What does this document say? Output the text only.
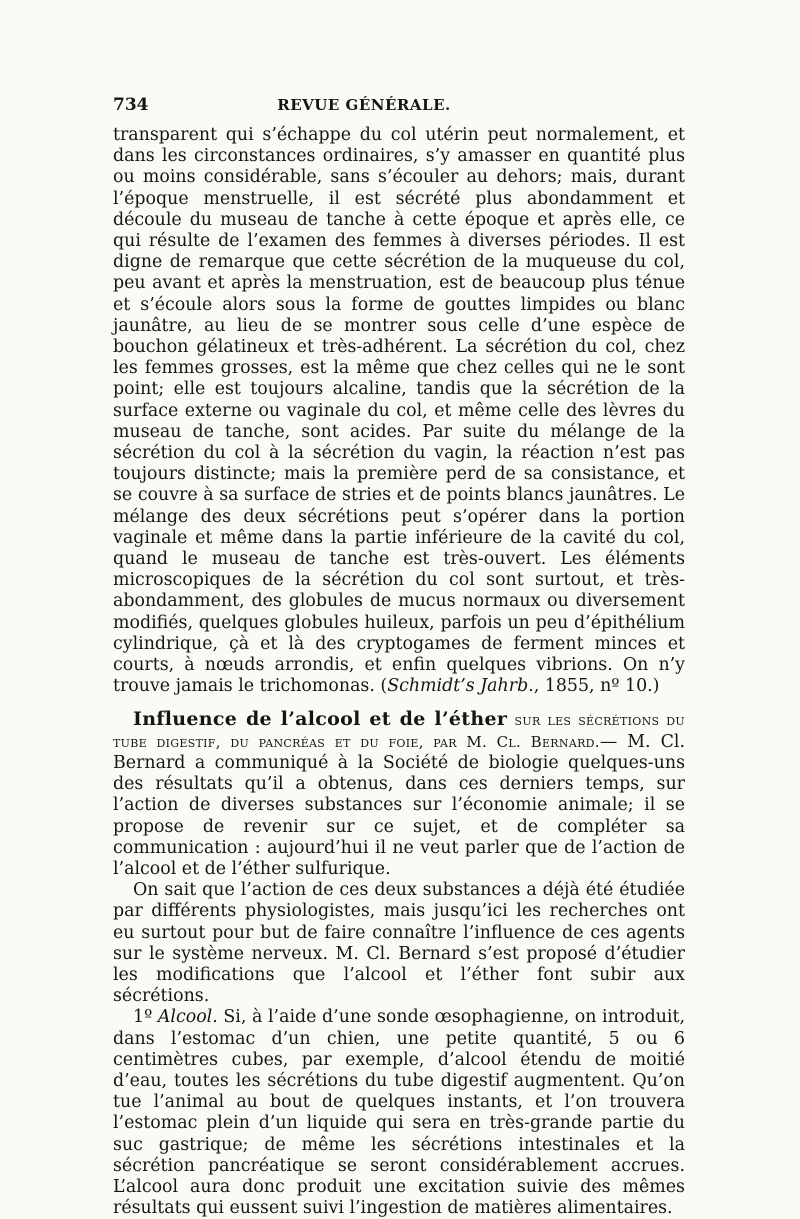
734	REVUE GÉNÉRALE.

transparent qui s’échappe du col utérin peut normalement, et dans les circonstances ordinaires, s’y amasser en quantité plus ou moins considérable, sans s’écouler au dehors; mais, durant l’époque menstruelle, il est sécrété plus abondamment et découle du museau de tanche à cette époque et après elle, ce qui résulte de l’examen des femmes à diverses périodes. Il est digne de remarque que cette sécrétion de la muqueuse du col, peu avant et après la menstruation, est de beaucoup plus ténue et s’écoule alors sous la forme de gouttes limpides ou blanc jaunâtre, au lieu de se montrer sous celle d’une espèce de bouchon gélatineux et très-adhérent. La sécrétion du col, chez les femmes grosses, est la même que chez celles qui ne le sont point; elle est toujours alcaline, tandis que la sécrétion de la surface externe ou vaginale du col, et même celle des lèvres du museau de tanche, sont acides. Par suite du mélange de la sécrétion du col à la sécrétion du vagin, la réaction n’est pas toujours distincte; mais la première perd de sa consistance, et se couvre à sa surface de stries et de points blancs jaunâtres. Le mélange des deux sécrétions peut s’opérer dans la portion vaginale et même dans la partie inférieure de la cavité du col, quand le museau de tanche est très-ouvert. Les éléments microscopiques de la sécrétion du col sont surtout, et très-abondamment, des globules de mucus normaux ou diversement modifiés, quelques globules huileux, parfois un peu d’épithélium cylindrique, çà et là des cryptogames de ferment minces et courts, à nœuds arrondis, et enfin quelques vibrions. On n’y trouve jamais le trichomonas. (Schmidt’s Jahrb., 1855, nº 10.)

Influence de l’alcool et de l’éther sur les sécrétions du tube digestif, du pancréas et du foie, par M. Cl. Bernard.— M. Cl. Bernard a communiqué à la Société de biologie quelques-uns des résultats qu’il a obtenus, dans ces derniers temps, sur l’action de diverses substances sur l’économie animale; il se propose de revenir sur ce sujet, et de compléter sa communication : aujourd’hui il ne veut parler que de l’action de l’alcool et de l’éther sulfurique.

On sait que l’action de ces deux substances a déjà été étudiée par différents physiologistes, mais jusqu’ici les recherches ont eu surtout pour but de faire connaître l’influence de ces agents sur le système nerveux. M. Cl. Bernard s’est proposé d’étudier les modifications que l’alcool et l’éther font subir aux sécrétions.

1º Alcool. Si, à l’aide d’une sonde œsophagienne, on introduit, dans l’estomac d’un chien, une petite quantité, 5 ou 6 centimètres cubes, par exemple, d’alcool étendu de moitié d’eau, toutes les sécrétions du tube digestif augmentent. Qu’on tue l’animal au bout de quelques instants, et l’on trouvera l’estomac plein d’un liquide qui sera en très-grande partie du suc gastrique; de même les sécrétions intestinales et la sécrétion pancréatique se seront considérablement accrues. L’alcool aura donc produit une excitation suivie des mêmes résultats qui eussent suivi l’ingestion de matières alimentaires.
